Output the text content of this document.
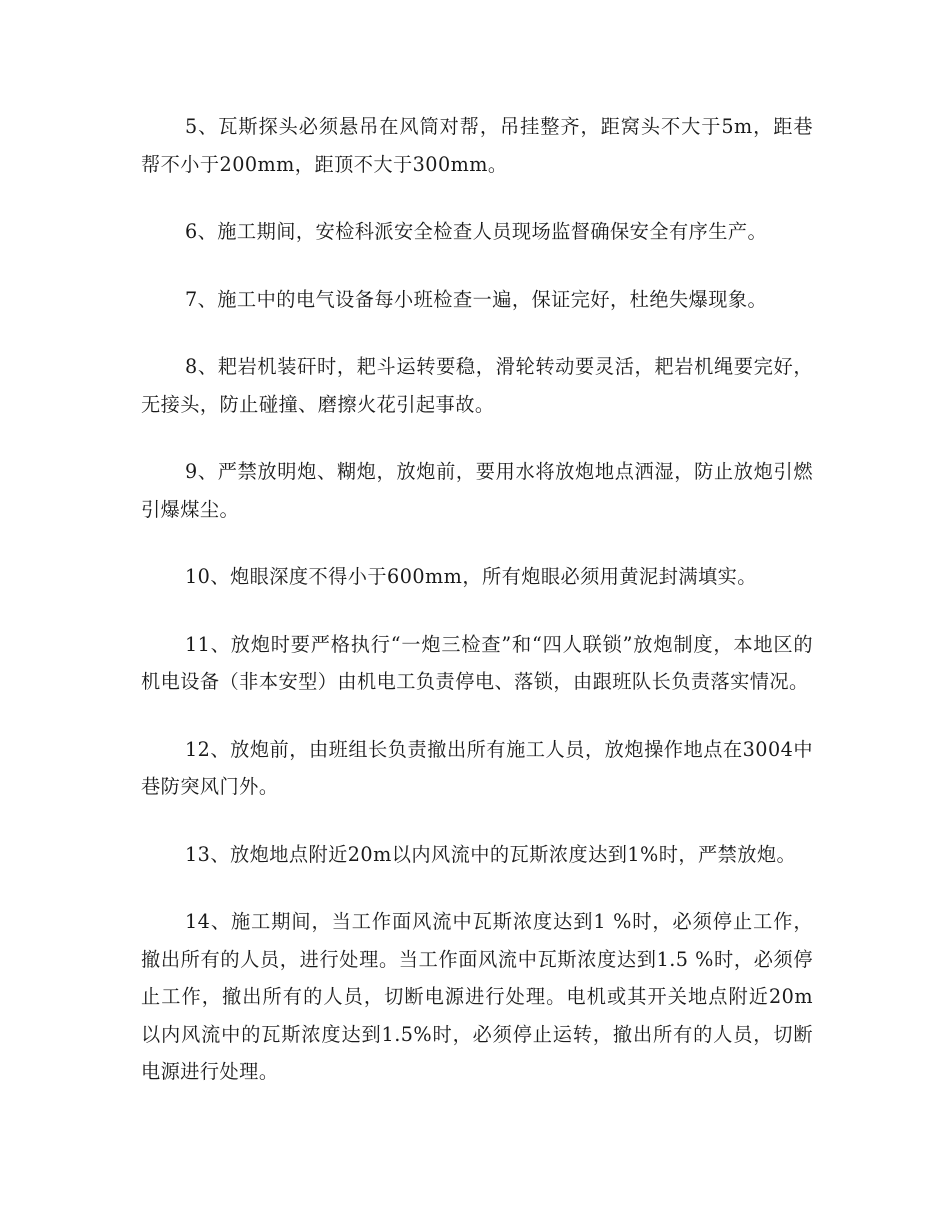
5、瓦斯探头必须悬吊在风筒对帮，吊挂整齐，距窝头不大于5m，距巷帮不小于200mm，距顶不大于300mm。

6、施工期间，安检科派安全检查人员现场监督确保安全有序生产。

7、施工中的电气设备每小班检查一遍，保证完好，杜绝失爆现象。

8、耙岩机装矸时，耙斗运转要稳，滑轮转动要灵活，耙岩机绳要完好，无接头，防止碰撞、磨擦火花引起事故。

9、严禁放明炮、糊炮，放炮前，要用水将放炮地点洒湿，防止放炮引燃引爆煤尘。

10、炮眼深度不得小于600mm，所有炮眼必须用黄泥封满填实。

11、放炮时要严格执行“一炮三检查”和“四人联锁”放炮制度，本地区的机电设备（非本安型）由机电工负责停电、落锁，由跟班队长负责落实情况。

12、放炮前，由班组长负责撤出所有施工人员，放炮操作地点在3004中巷防突风门外。

13、放炮地点附近20m以内风流中的瓦斯浓度达到1%时，严禁放炮。

14、施工期间，当工作面风流中瓦斯浓度达到1 %时，必须停止工作，撤出所有的人员，进行处理。当工作面风流中瓦斯浓度达到1.5 %时，必须停止工作，撤出所有的人员，切断电源进行处理。电机或其开关地点附近20m以内风流中的瓦斯浓度达到1.5%时，必须停止运转，撤出所有的人员，切断电源进行处理。
